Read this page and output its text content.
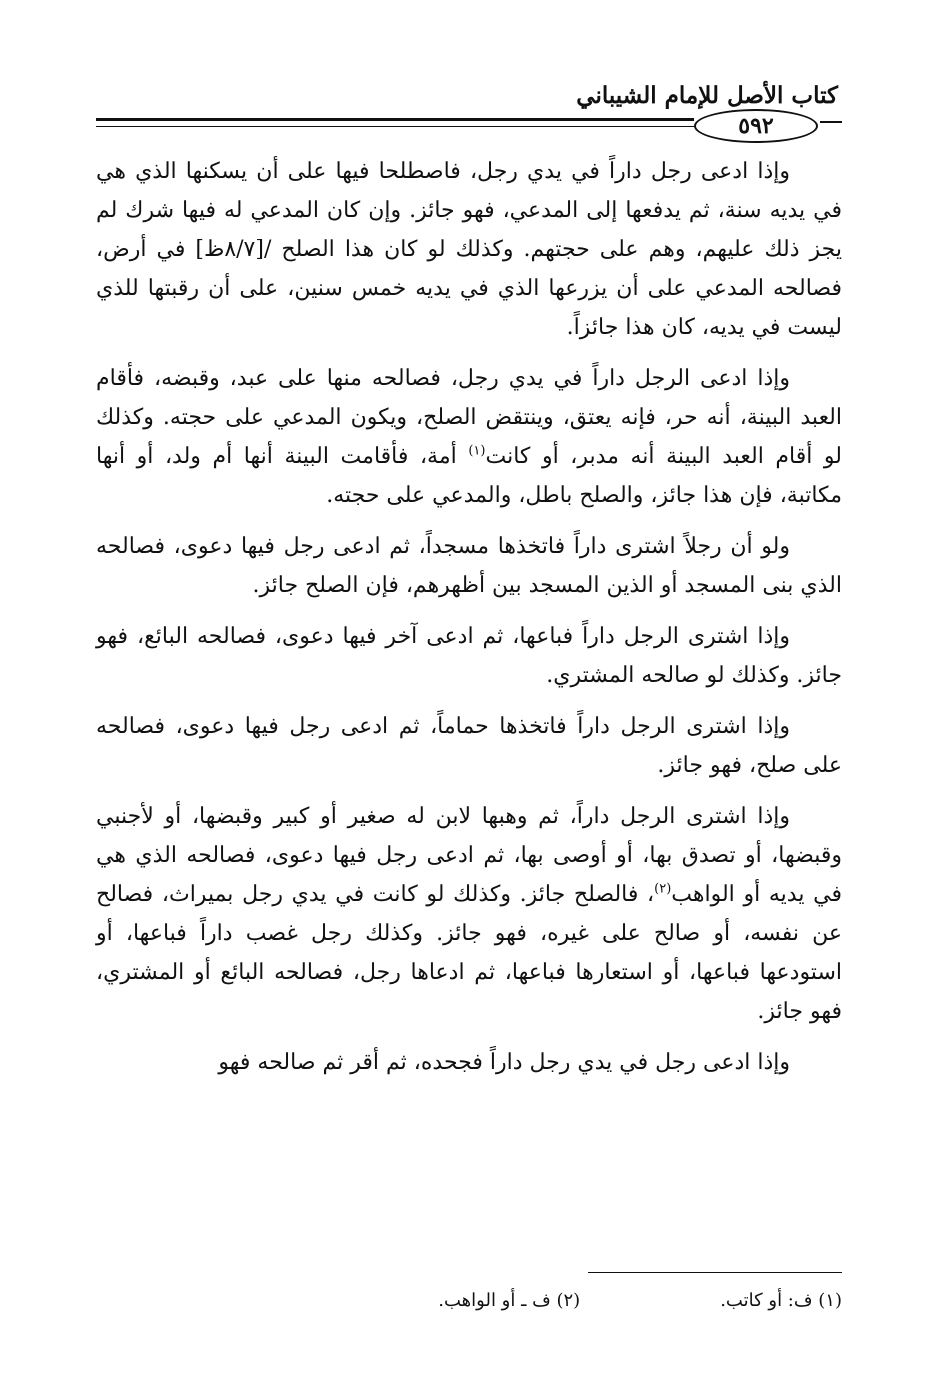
كتاب الأصل للإمام الشيباني
٥٩٢

وإذا ادعى رجل داراً في يدي رجل، فاصطلحا فيها على أن يسكنها الذي هي في يديه سنة، ثم يدفعها إلى المدعي، فهو جائز. وإن كان المدعي له فيها شرك لم يجز ذلك عليهم، وهم على حجتهم. وكذلك لو كان هذا الصلح /[٨/٧ظ] في أرض، فصالحه المدعي على أن يزرعها الذي في يديه خمس سنين، على أن رقبتها للذي ليست في يديه، كان هذا جائزاً.

وإذا ادعى الرجل داراً في يدي رجل، فصالحه منها على عبد، وقبضه، فأقام العبد البينة، أنه حر، فإنه يعتق، وينتقض الصلح، ويكون المدعي على حجته. وكذلك لو أقام العبد البينة أنه مدبر، أو كانت$^{(١)}$ أمة، فأقامت البينة أنها أم ولد، أو أنها مكاتبة، فإن هذا جائز، والصلح باطل، والمدعي على حجته.

ولو أن رجلاً اشترى داراً فاتخذها مسجداً، ثم ادعى رجل فيها دعوى، فصالحه الذي بنى المسجد أو الذين المسجد بين أظهرهم، فإن الصلح جائز.

وإذا اشترى الرجل داراً فباعها، ثم ادعى آخر فيها دعوى، فصالحه البائع، فهو جائز. وكذلك لو صالحه المشتري.

وإذا اشترى الرجل داراً فاتخذها حماماً، ثم ادعى رجل فيها دعوى، فصالحه على صلح، فهو جائز.

وإذا اشترى الرجل داراً، ثم وهبها لابن له صغير أو كبير وقبضها، أو لأجنبي وقبضها، أو تصدق بها، أو أوصى بها، ثم ادعى رجل فيها دعوى، فصالحه الذي هي في يديه أو الواهب$^{(٢)}$، فالصلح جائز. وكذلك لو كانت في يدي رجل بميراث، فصالح عن نفسه، أو صالح على غيره، فهو جائز. وكذلك رجل غصب داراً فباعها، أو استودعها فباعها، أو استعارها فباعها، ثم ادعاها رجل، فصالحه البائع أو المشتري، فهو جائز.

وإذا ادعى رجل في يدي رجل داراً فجحده، ثم أقر ثم صالحه فهو

(١) ف: أو كاتب.
(٢) ف ـ أو الواهب.
